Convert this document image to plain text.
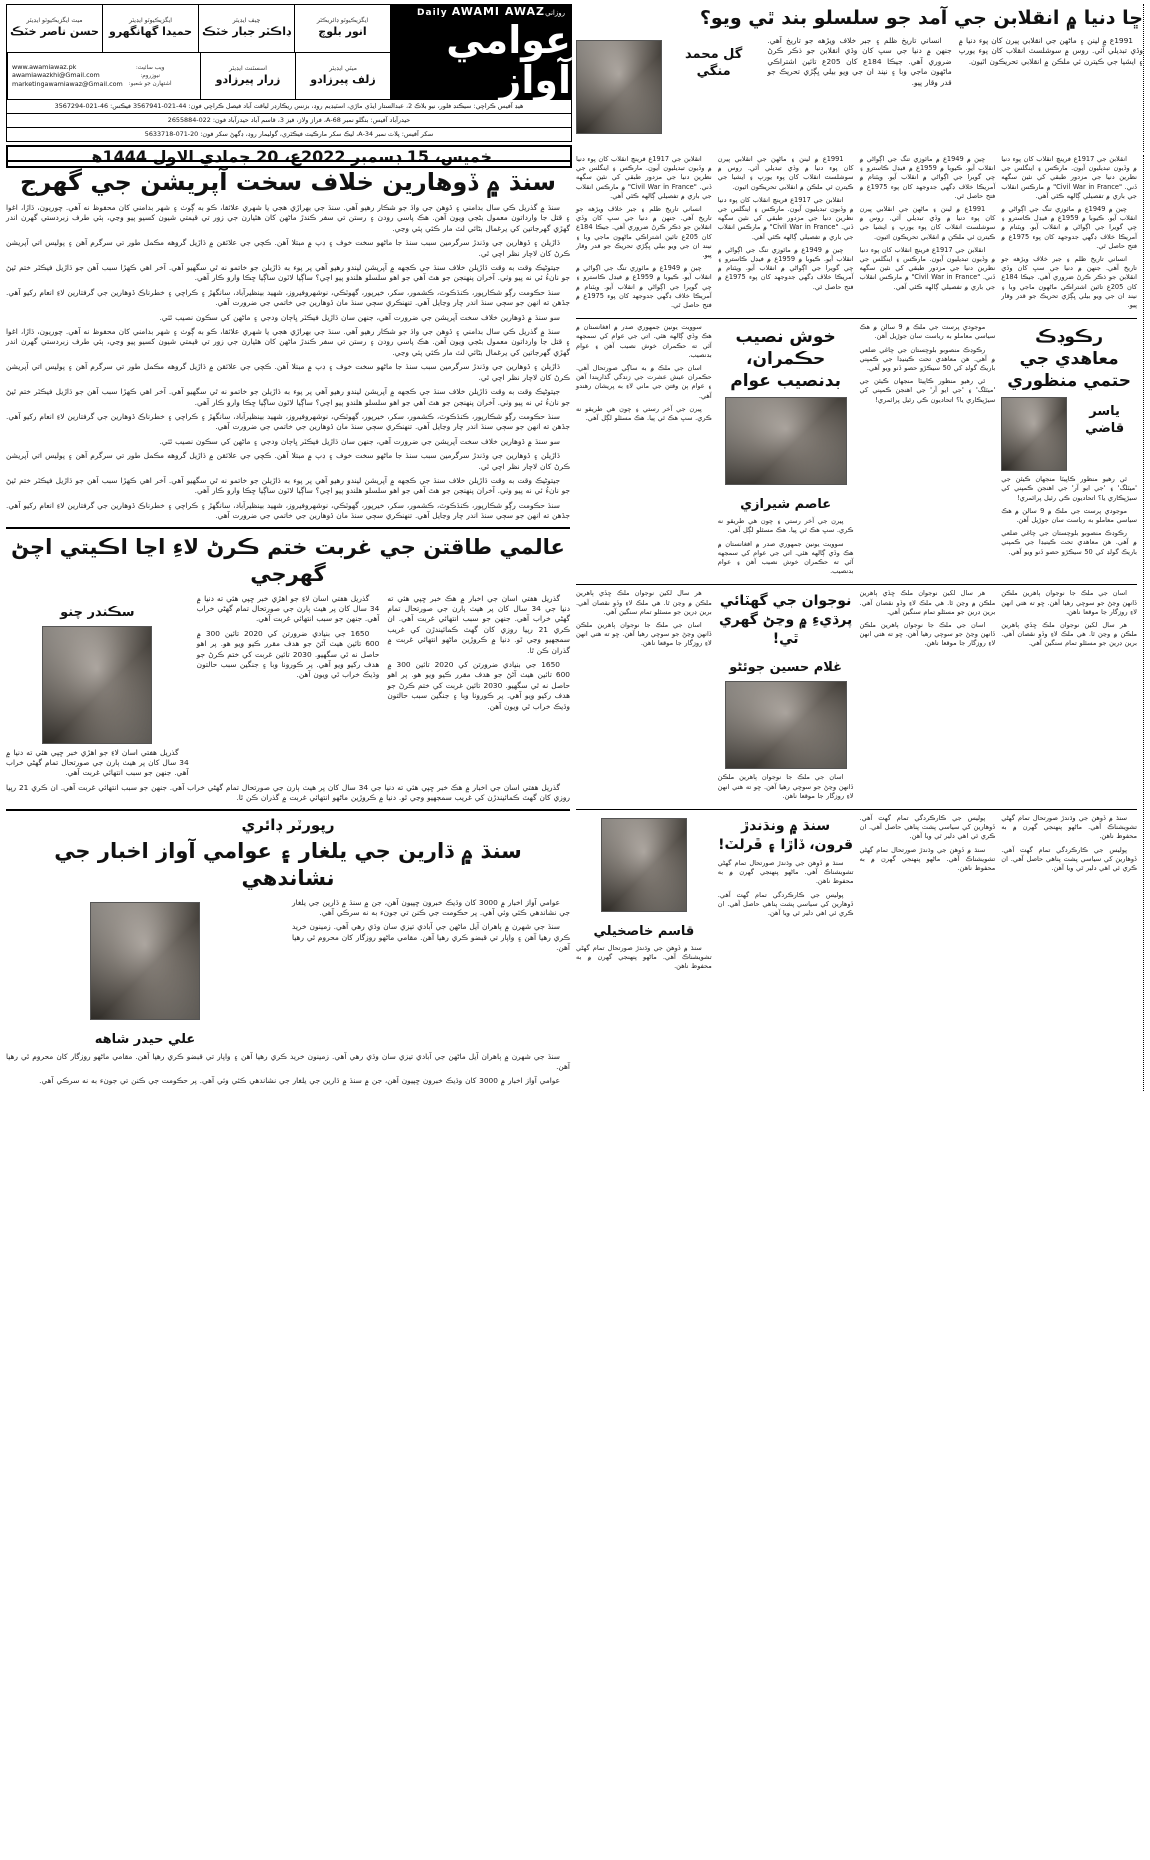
روزاني
Daily AWAMI AWAZ
عوامي آواز
ايگزيڪيوٽو ڊائريڪٽر
انور بلوچ
چيف ايڊيٽر
ڊاڪٽر جبار خٽڪ
ايگزيڪيوٽو ايڊيٽر
حميدا گهانگهرو
ميٽ ايگزيڪيوٽو ايڊيٽر
حسن ناصر خٽڪ
ميٽي ايڊيٽر
زلف پيرزادو
اسسٽنٽ ايڊيٽر
زرار پيرزادو
ويب سائيٽ:
نيوزروم:
اشتهارن جو شعبو:
www.awamiawaz.pk
awamiawazkhi@Gmail.com
marketingawamiawaz@Gmail.com
هيڊ آفيس ڪراچي: سيڪنڊ فلور، نيو بلاڪ 2، عبدالستار ايڏي ماڙي، اسٽيڊيم روڊ، بزنس ريڪارڊر لياقت آباد فيصل ڪراچي فون: 44-021-3567941 فيڪس: 46-021-3567294
حيدرآباد آفيس: بنگلو نمبر 68-A، فراز ولاز، فيز 3، قاسم آباد حيدرآباد فون: 022-2655884
سکر آفيس: پلاٽ نمبر 34-A، ليڪ سکر مارڪيٽ فيڪٽري، گوليمار روڊ، ڊگهڻ سکر فون: 20-071-5633718
خميس، 15 ڊسمبر 2022ع، 20 جمادي الاول 1444هـ
ڇا دنيا ۾ انقلابن جي آمد جو سلسلو بند ٿي ويو؟

1991ع ۾ لينن ۽ ماڻهن جي انقلابي پيرن کان پوء دنيا ۾ وڏي تبديلي آئي. روس ۾ سوشلسٽ انقلاب کان پوء يورپ ۽ ايشيا جي ڪيترن ئي ملڪن ۾ انقلابي تحريڪون اٿيون.

انساني تاريخ ظلم ۽ جبر خلاف ويڙهه جو تاريخ آهي. جنهن ۾ دنيا جي سڀ کان وڏي انقلابن جو ذڪر ڪرڻ ضروري آهي. جيڪا 184ع کان 205ع تائين اشتراڪي ماڻهون ماجي وبا ۽ نيند ان جي ويو بيلي ڀڳڙي تحريڪ جو قدر وقار پيو.

گل محمد منگي

انقلابن جي 1917ع فرينچ انقلاب کان پوء دنيا ۾ وڏيون تبديليون آيون. مارڪس ۽ اينگلس جي نظرين دنيا جي مزدور طبقي کي نئين سگهه ڏني. "Civil War in France" ۾ مارڪس انقلاب جي باري ۾ تفصيلي ڳالهه ڪئي آهي.

چين ۾ 1949ع ۾ مائوزي تنگ جي اڳواڻي ۾ انقلاب آيو. ڪيوبا ۾ 1959ع ۾ فيڊل ڪاسترو ۽ چي گويرا جي اڳواڻي ۾ انقلاب آيو. ويٽنام ۾ آمريڪا خلاف ڊگهي جدوجهد کان پوء 1975ع ۾ فتح حاصل ٿي.

انساني تاريخ ظلم ۽ جبر خلاف ويڙهه جو تاريخ آهي. جنهن ۾ دنيا جي سڀ کان وڏي انقلابن جو ذڪر ڪرڻ ضروري آهي. جيڪا 184ع کان 205ع تائين اشتراڪي ماڻهون ماجي وبا ۽ نيند ان جي ويو بيلي ڀڳڙي تحريڪ جو قدر وقار پيو.

چين ۾ 1949ع ۾ مائوزي تنگ جي اڳواڻي ۾ انقلاب آيو. ڪيوبا ۾ 1959ع ۾ فيڊل ڪاسترو ۽ چي گويرا جي اڳواڻي ۾ انقلاب آيو. ويٽنام ۾ آمريڪا خلاف ڊگهي جدوجهد کان پوء 1975ع ۾ فتح حاصل ٿي.

1991ع ۾ لينن ۽ ماڻهن جي انقلابي پيرن کان پوء دنيا ۾ وڏي تبديلي آئي. روس ۾ سوشلسٽ انقلاب کان پوء يورپ ۽ ايشيا جي ڪيترن ئي ملڪن ۾ انقلابي تحريڪون اٿيون.

انقلابن جي 1917ع فرينچ انقلاب کان پوء دنيا ۾ وڏيون تبديليون آيون. مارڪس ۽ اينگلس جي نظرين دنيا جي مزدور طبقي کي نئين سگهه ڏني. "Civil War in France" ۾ مارڪس انقلاب جي باري ۾ تفصيلي ڳالهه ڪئي آهي.

1991ع ۾ لينن ۽ ماڻهن جي انقلابي پيرن کان پوء دنيا ۾ وڏي تبديلي آئي. روس ۾ سوشلسٽ انقلاب کان پوء يورپ ۽ ايشيا جي ڪيترن ئي ملڪن ۾ انقلابي تحريڪون اٿيون.

انقلابن جي 1917ع فرينچ انقلاب کان پوء دنيا ۾ وڏيون تبديليون آيون. مارڪس ۽ اينگلس جي نظرين دنيا جي مزدور طبقي کي نئين سگهه ڏني. "Civil War in France" ۾ مارڪس انقلاب جي باري ۾ تفصيلي ڳالهه ڪئي آهي.

چين ۾ 1949ع ۾ مائوزي تنگ جي اڳواڻي ۾ انقلاب آيو. ڪيوبا ۾ 1959ع ۾ فيڊل ڪاسترو ۽ چي گويرا جي اڳواڻي ۾ انقلاب آيو. ويٽنام ۾ آمريڪا خلاف ڊگهي جدوجهد کان پوء 1975ع ۾ فتح حاصل ٿي.

انقلابن جي 1917ع فرينچ انقلاب کان پوء دنيا ۾ وڏيون تبديليون آيون. مارڪس ۽ اينگلس جي نظرين دنيا جي مزدور طبقي کي نئين سگهه ڏني. "Civil War in France" ۾ مارڪس انقلاب جي باري ۾ تفصيلي ڳالهه ڪئي آهي.

انساني تاريخ ظلم ۽ جبر خلاف ويڙهه جو تاريخ آهي. جنهن ۾ دنيا جي سڀ کان وڏي انقلابن جو ذڪر ڪرڻ ضروري آهي. جيڪا 184ع کان 205ع تائين اشتراڪي ماڻهون ماجي وبا ۽ نيند ان جي ويو بيلي ڀڳڙي تحريڪ جو قدر وقار پيو.

چين ۾ 1949ع ۾ مائوزي تنگ جي اڳواڻي ۾ انقلاب آيو. ڪيوبا ۾ 1959ع ۾ فيڊل ڪاسترو ۽ چي گويرا جي اڳواڻي ۾ انقلاب آيو. ويٽنام ۾ آمريڪا خلاف ڊگهي جدوجهد کان پوء 1975ع ۾ فتح حاصل ٿي.

رڪوڊڪ معاهدي جي حتمي منظوري
ياسر قاضي

ٿي رهيو منظور ڪاپيٽا منجهان ڪيئن جي 'ميٽلگ' ۽ 'جي ايو آر' جي اهنجن ڪمپني کي سيڙپڪاري يا؟ اتحاديون ڪي رئيل پرائمري!

موجودي پرسٽ جي ملڪ ۾ 9 سالن ۾ هڪ سياسي معاملو به رياست سان جوڙيل آهن.

رڪوڊڪ منصوبو بلوچستان جي چاغي ضلعي ۾ آهي. هن معاهدي تحت ڪينيڊا جي ڪمپني باريڪ گولڊ کي 50 سيڪڙو حصو ڏنو ويو آهي.

موجودي پرسٽ جي ملڪ ۾ 9 سالن ۾ هڪ سياسي معاملو به رياست سان جوڙيل آهن.

رڪوڊڪ منصوبو بلوچستان جي چاغي ضلعي ۾ آهي. هن معاهدي تحت ڪينيڊا جي ڪمپني باريڪ گولڊ کي 50 سيڪڙو حصو ڏنو ويو آهي.

ٿي رهيو منظور ڪاپيٽا منجهان ڪيئن جي 'ميٽلگ' ۽ 'جي ايو آر' جي اهنجن ڪمپني کي سيڙپڪاري يا؟ اتحاديون ڪي رئيل پرائمري!

خوش نصيب حڪمران، بدنصيب عوام
عاصم شيرازي

پيرن جي آخر رستي ۽ چون هي طريقو نه ڪري. سڀ هڪ ٿي پيا. هڪ مسئلو لڳل آهي.

سوويت يونين جمهوري صدر ۾ افغانستان ۾ هڪ وڏي ڳالهه هئي. اتي جي عوام کي سمجهه آئي ته حڪمران خوش نصيب آهن ۽ عوام بدنصيب.

سوويت يونين جمهوري صدر ۾ افغانستان ۾ هڪ وڏي ڳالهه هئي. اتي جي عوام کي سمجهه آئي ته حڪمران خوش نصيب آهن ۽ عوام بدنصيب.

اسان جي ملڪ ۾ به ساڳي صورتحال آهي. حڪمران عيش عشرت جي زندگي گذاريندا آهن ۽ عوام ٻن وقتن جي ماني لاءِ به پريشان رهندو آهي.

پيرن جي آخر رستي ۽ چون هي طريقو نه ڪري. سڀ هڪ ٿي پيا. هڪ مسئلو لڳل آهي.

اسان جي ملڪ جا نوجوان ٻاهرين ملڪن ڏانهن وڃڻ جو سوچي رهيا آهن. ڇو ته هتي انهن لاءِ روزگار جا موقعا ناهن.

هر سال لکين نوجوان ملڪ ڇڏي ٻاهرين ملڪن ۾ وڃن ٿا. هي ملڪ لاءِ وڏو نقصان آهي. برين ڊرين جو مسئلو تمام سنگين آهي.

هر سال لکين نوجوان ملڪ ڇڏي ٻاهرين ملڪن ۾ وڃن ٿا. هي ملڪ لاءِ وڏو نقصان آهي. برين ڊرين جو مسئلو تمام سنگين آهي.

اسان جي ملڪ جا نوجوان ٻاهرين ملڪن ڏانهن وڃڻ جو سوچي رهيا آهن. ڇو ته هتي انهن لاءِ روزگار جا موقعا ناهن.

نوجوان جي گهٽائي پرڌيءِ ۾ وڃڻ گهري ٿي!
غلام حسين جوئڻو

اسان جي ملڪ جا نوجوان ٻاهرين ملڪن ڏانهن وڃڻ جو سوچي رهيا آهن. ڇو ته هتي انهن لاءِ روزگار جا موقعا ناهن.

هر سال لکين نوجوان ملڪ ڇڏي ٻاهرين ملڪن ۾ وڃن ٿا. هي ملڪ لاءِ وڏو نقصان آهي. برين ڊرين جو مسئلو تمام سنگين آهي.

اسان جي ملڪ جا نوجوان ٻاهرين ملڪن ڏانهن وڃڻ جو سوچي رهيا آهن. ڇو ته هتي انهن لاءِ روزگار جا موقعا ناهن.

سنڌ ۾ ڏوهن جي وڌندڙ صورتحال تمام گهڻي تشويشناڪ آهي. ماڻهو پنهنجي گهرن ۾ به محفوظ ناهن.

پوليس جي ڪارڪردگي تمام گهٽ آهي. ڏوهارين کي سياسي پشت پناهي حاصل آهي. ان ڪري ئي اهي دلير ٿي ويا آهن.

پوليس جي ڪارڪردگي تمام گهٽ آهي. ڏوهارين کي سياسي پشت پناهي حاصل آهي. ان ڪري ئي اهي دلير ٿي ويا آهن.

سنڌ ۾ ڏوهن جي وڌندڙ صورتحال تمام گهڻي تشويشناڪ آهي. ماڻهو پنهنجي گهرن ۾ به محفوظ ناهن.

سنڌ ۾ ونڌندڙ قرون، ڏاڙا ۽ ڦرلٽ!

سنڌ ۾ ڏوهن جي وڌندڙ صورتحال تمام گهڻي تشويشناڪ آهي. ماڻهو پنهنجي گهرن ۾ به محفوظ ناهن.

پوليس جي ڪارڪردگي تمام گهٽ آهي. ڏوهارين کي سياسي پشت پناهي حاصل آهي. ان ڪري ئي اهي دلير ٿي ويا آهن.

قاسم خاصخيلي

سنڌ ۾ ڏوهن جي وڌندڙ صورتحال تمام گهڻي تشويشناڪ آهي. ماڻهو پنهنجي گهرن ۾ به محفوظ ناهن.

سنڌ ۾ ڏوهارين خلاف سخت آپريشن جي گهرج

سنڌ ۾ گذريل ڪي سال بدامني ۽ ڏوهن جي واڌ جو شڪار رهيو آهي. سنڌ جي بهراڙي هجي يا شهري علائقا، ڪو به ڳوٺ ۽ شهر بدامني کان محفوظ نه آهي. چوريون، ڌاڙا، اغوا ۽ قتل جا وارداتون معمول بڻجي ويون آهن. هڪ پاسي رودن ۽ رستن تي سفر ڪندڙ ماڻهن کان هٿيارن جي زور تي قيمتي شيون کسيو پيو وڃي، ٻئي طرف زبردستي گهرن اندر گهڙي گهرجاتين کي يرغمال بڻائي لٽ مار ڪئي پئي وڃي.

ڌاڙيلن ۽ ڏوهارين جي وڌندڙ سرگرمين سبب سنڌ جا ماڻهو سخت خوف ۽ ڊپ ۾ مبتلا آهن. ڪچي جي علائقن ۾ ڌاڙيل گروهه مڪمل طور تي سرگرم آهن ۽ پوليس اتي آپريشن ڪرڻ کان لاچار نظر اچي ٿي.

جيتوڻيڪ وقت به وقت ڌاڙيلن خلاف سنڌ جي ڪجهه ۾ آپريشن ليندو رهيو آهي پر پوء به ڌاڙيلن جو خاتمو نه ٿي سگهيو آهي. آخر اهي ڪهڙا سبب آهن جو ڌاڙيل فيڪٽر ختم ٿيڻ جو نانءُ ئي نه پيو وٺي. آخران پنهنجن جو هٿ آهي جو اهو سلسلو هلندو پيو اچي؟ ساڳيا لاٽون ساڳيا ڇڪا وارو ڪار آهي.

سنڌ حڪومت رڳو شڪارپور، ڪنڌڪوٽ، ڪشمور، سکر، خيرپور، گهوٽڪي، نوشهروفيروز، شهيد بينظيرآباد، سانگهڙ ۽ ڪراچي ۽ خطرناڪ ڏوهارين جي گرفتارين لاءِ انعام رکيو آهي. جڏهن ته انهن جو سڄي سنڌ اندر چار وڃايل آهي. تنهنڪري سڄي سنڌ مان ڏوهارين جي خاتمي جي ضرورت آهي.

سو سنڌ ۾ ڏوهارين خلاف سخت آپريشن جي ضرورت آهي، جنهن سان ڌاڙيل فيڪٽر ڀاڄان ودجي ۽ ماڻهن کي سڪون نصيب ٿئي.

سنڌ ۾ گذريل ڪي سال بدامني ۽ ڏوهن جي واڌ جو شڪار رهيو آهي. سنڌ جي بهراڙي هجي يا شهري علائقا، ڪو به ڳوٺ ۽ شهر بدامني کان محفوظ نه آهي. چوريون، ڌاڙا، اغوا ۽ قتل جا وارداتون معمول بڻجي ويون آهن. هڪ پاسي رودن ۽ رستن تي سفر ڪندڙ ماڻهن کان هٿيارن جي زور تي قيمتي شيون کسيو پيو وڃي، ٻئي طرف زبردستي گهرن اندر گهڙي گهرجاتين کي يرغمال بڻائي لٽ مار ڪئي پئي وڃي.

ڌاڙيلن ۽ ڏوهارين جي وڌندڙ سرگرمين سبب سنڌ جا ماڻهو سخت خوف ۽ ڊپ ۾ مبتلا آهن. ڪچي جي علائقن ۾ ڌاڙيل گروهه مڪمل طور تي سرگرم آهن ۽ پوليس اتي آپريشن ڪرڻ کان لاچار نظر اچي ٿي.

جيتوڻيڪ وقت به وقت ڌاڙيلن خلاف سنڌ جي ڪجهه ۾ آپريشن ليندو رهيو آهي پر پوء به ڌاڙيلن جو خاتمو نه ٿي سگهيو آهي. آخر اهي ڪهڙا سبب آهن جو ڌاڙيل فيڪٽر ختم ٿيڻ جو نانءُ ئي نه پيو وٺي. آخران پنهنجن جو هٿ آهي جو اهو سلسلو هلندو پيو اچي؟ ساڳيا لاٽون ساڳيا ڇڪا وارو ڪار آهي.

سنڌ حڪومت رڳو شڪارپور، ڪنڌڪوٽ، ڪشمور، سکر، خيرپور، گهوٽڪي، نوشهروفيروز، شهيد بينظيرآباد، سانگهڙ ۽ ڪراچي ۽ خطرناڪ ڏوهارين جي گرفتارين لاءِ انعام رکيو آهي. جڏهن ته انهن جو سڄي سنڌ اندر چار وڃايل آهي. تنهنڪري سڄي سنڌ مان ڏوهارين جي خاتمي جي ضرورت آهي.

سو سنڌ ۾ ڏوهارين خلاف سخت آپريشن جي ضرورت آهي، جنهن سان ڌاڙيل فيڪٽر ڀاڄان ودجي ۽ ماڻهن کي سڪون نصيب ٿئي.

ڌاڙيلن ۽ ڏوهارين جي وڌندڙ سرگرمين سبب سنڌ جا ماڻهو سخت خوف ۽ ڊپ ۾ مبتلا آهن. ڪچي جي علائقن ۾ ڌاڙيل گروهه مڪمل طور تي سرگرم آهن ۽ پوليس اتي آپريشن ڪرڻ کان لاچار نظر اچي ٿي.

جيتوڻيڪ وقت به وقت ڌاڙيلن خلاف سنڌ جي ڪجهه ۾ آپريشن ليندو رهيو آهي پر پوء به ڌاڙيلن جو خاتمو نه ٿي سگهيو آهي. آخر اهي ڪهڙا سبب آهن جو ڌاڙيل فيڪٽر ختم ٿيڻ جو نانءُ ئي نه پيو وٺي. آخران پنهنجن جو هٿ آهي جو اهو سلسلو هلندو پيو اچي؟ ساڳيا لاٽون ساڳيا ڇڪا وارو ڪار آهي.

سنڌ حڪومت رڳو شڪارپور، ڪنڌڪوٽ، ڪشمور، سکر، خيرپور، گهوٽڪي، نوشهروفيروز، شهيد بينظيرآباد، سانگهڙ ۽ ڪراچي ۽ خطرناڪ ڏوهارين جي گرفتارين لاءِ انعام رکيو آهي. جڏهن ته انهن جو سڄي سنڌ اندر چار وڃايل آهي. تنهنڪري سڄي سنڌ مان ڏوهارين جي خاتمي جي ضرورت آهي.

عالمي طاقتن جي غربت ختم ڪرڻ لاءِ اڃا اڪيتي اچڻ گهرجي

گذريل هفتي اسان جي اخبار ۾ هڪ خبر ڇپي هئي ته دنيا جي 34 سال کان پر هيٺ ٻارن جي صورتحال تمام گهڻي خراب آهي. جنهن جو سبب انتهائي غربت آهي. ان ڪري 21 رپيا روزي کان گهٽ ڪمائيندڙن کي غريب سمجهيو وڃي ٿو. دنيا ۾ ڪروڙين ماڻهو انتهائي غربت ۾ گذران ڪن ٿا.

1650 جي بنيادي ضرورتن کي 2020 تائين 300 ۾ 600 تائين هيٺ آڻڻ جو هدف مقرر ڪيو ويو هو. پر اهو حاصل نه ٿي سگهيو. 2030 تائين غربت کي ختم ڪرڻ جو هدف رکيو ويو آهي. پر ڪورونا وبا ۽ جنگين سبب حالتون وڌيڪ خراب ٿي ويون آهن.

گذريل هفتي اسان لاءِ جو اهڙي خبر ڇپي هئي ته دنيا ۾ 34 سال کان پر هيٺ ٻارن جي صورتحال تمام گهڻي خراب آهي. جنهن جو سبب انتهائي غربت آهي.

1650 جي بنيادي ضرورتن کي 2020 تائين 300 ۾ 600 تائين هيٺ آڻڻ جو هدف مقرر ڪيو ويو هو. پر اهو حاصل نه ٿي سگهيو. 2030 تائين غربت کي ختم ڪرڻ جو هدف رکيو ويو آهي. پر ڪورونا وبا ۽ جنگين سبب حالتون وڌيڪ خراب ٿي ويون آهن.

سڪندر چنو

گذريل هفتي اسان لاءِ جو اهڙي خبر ڇپي هئي ته دنيا ۾ 34 سال کان پر هيٺ ٻارن جي صورتحال تمام گهڻي خراب آهي. جنهن جو سبب انتهائي غربت آهي.

گذريل هفتي اسان جي اخبار ۾ هڪ خبر ڇپي هئي ته دنيا جي 34 سال کان پر هيٺ ٻارن جي صورتحال تمام گهڻي خراب آهي. جنهن جو سبب انتهائي غربت آهي. ان ڪري 21 رپيا روزي کان گهٽ ڪمائيندڙن کي غريب سمجهيو وڃي ٿو. دنيا ۾ ڪروڙين ماڻهو انتهائي غربت ۾ گذران ڪن ٿا.

رپورٽر ڊائري
سنڌ ۾ ڌارين جي يلغار ۽ عوامي آواز اخبار جي نشاندهي

عوامي آواز اخبار ۾ 3000 کان وڌيڪ خبرون ڇپيون آهن، جن ۾ سنڌ ۾ ڌارين جي يلغار جي نشاندهي ڪئي وئي آهي. پر حڪومت جي ڪنن تي جونء به نه سرڪي آهي.

سنڌ جي شهرن ۾ ٻاهران آيل ماڻهن جي آبادي تيزي سان وڌي رهي آهي. زمينون خريد ڪري رهيا آهن ۽ واپار تي قبضو ڪري رهيا آهن. مقامي ماڻهو روزگار کان محروم ٿي رهيا آهن.

علي حيدر شاهه

سنڌ جي شهرن ۾ ٻاهران آيل ماڻهن جي آبادي تيزي سان وڌي رهي آهي. زمينون خريد ڪري رهيا آهن ۽ واپار تي قبضو ڪري رهيا آهن. مقامي ماڻهو روزگار کان محروم ٿي رهيا آهن.

عوامي آواز اخبار ۾ 3000 کان وڌيڪ خبرون ڇپيون آهن، جن ۾ سنڌ ۾ ڌارين جي يلغار جي نشاندهي ڪئي وئي آهي. پر حڪومت جي ڪنن تي جونء به نه سرڪي آهي.
